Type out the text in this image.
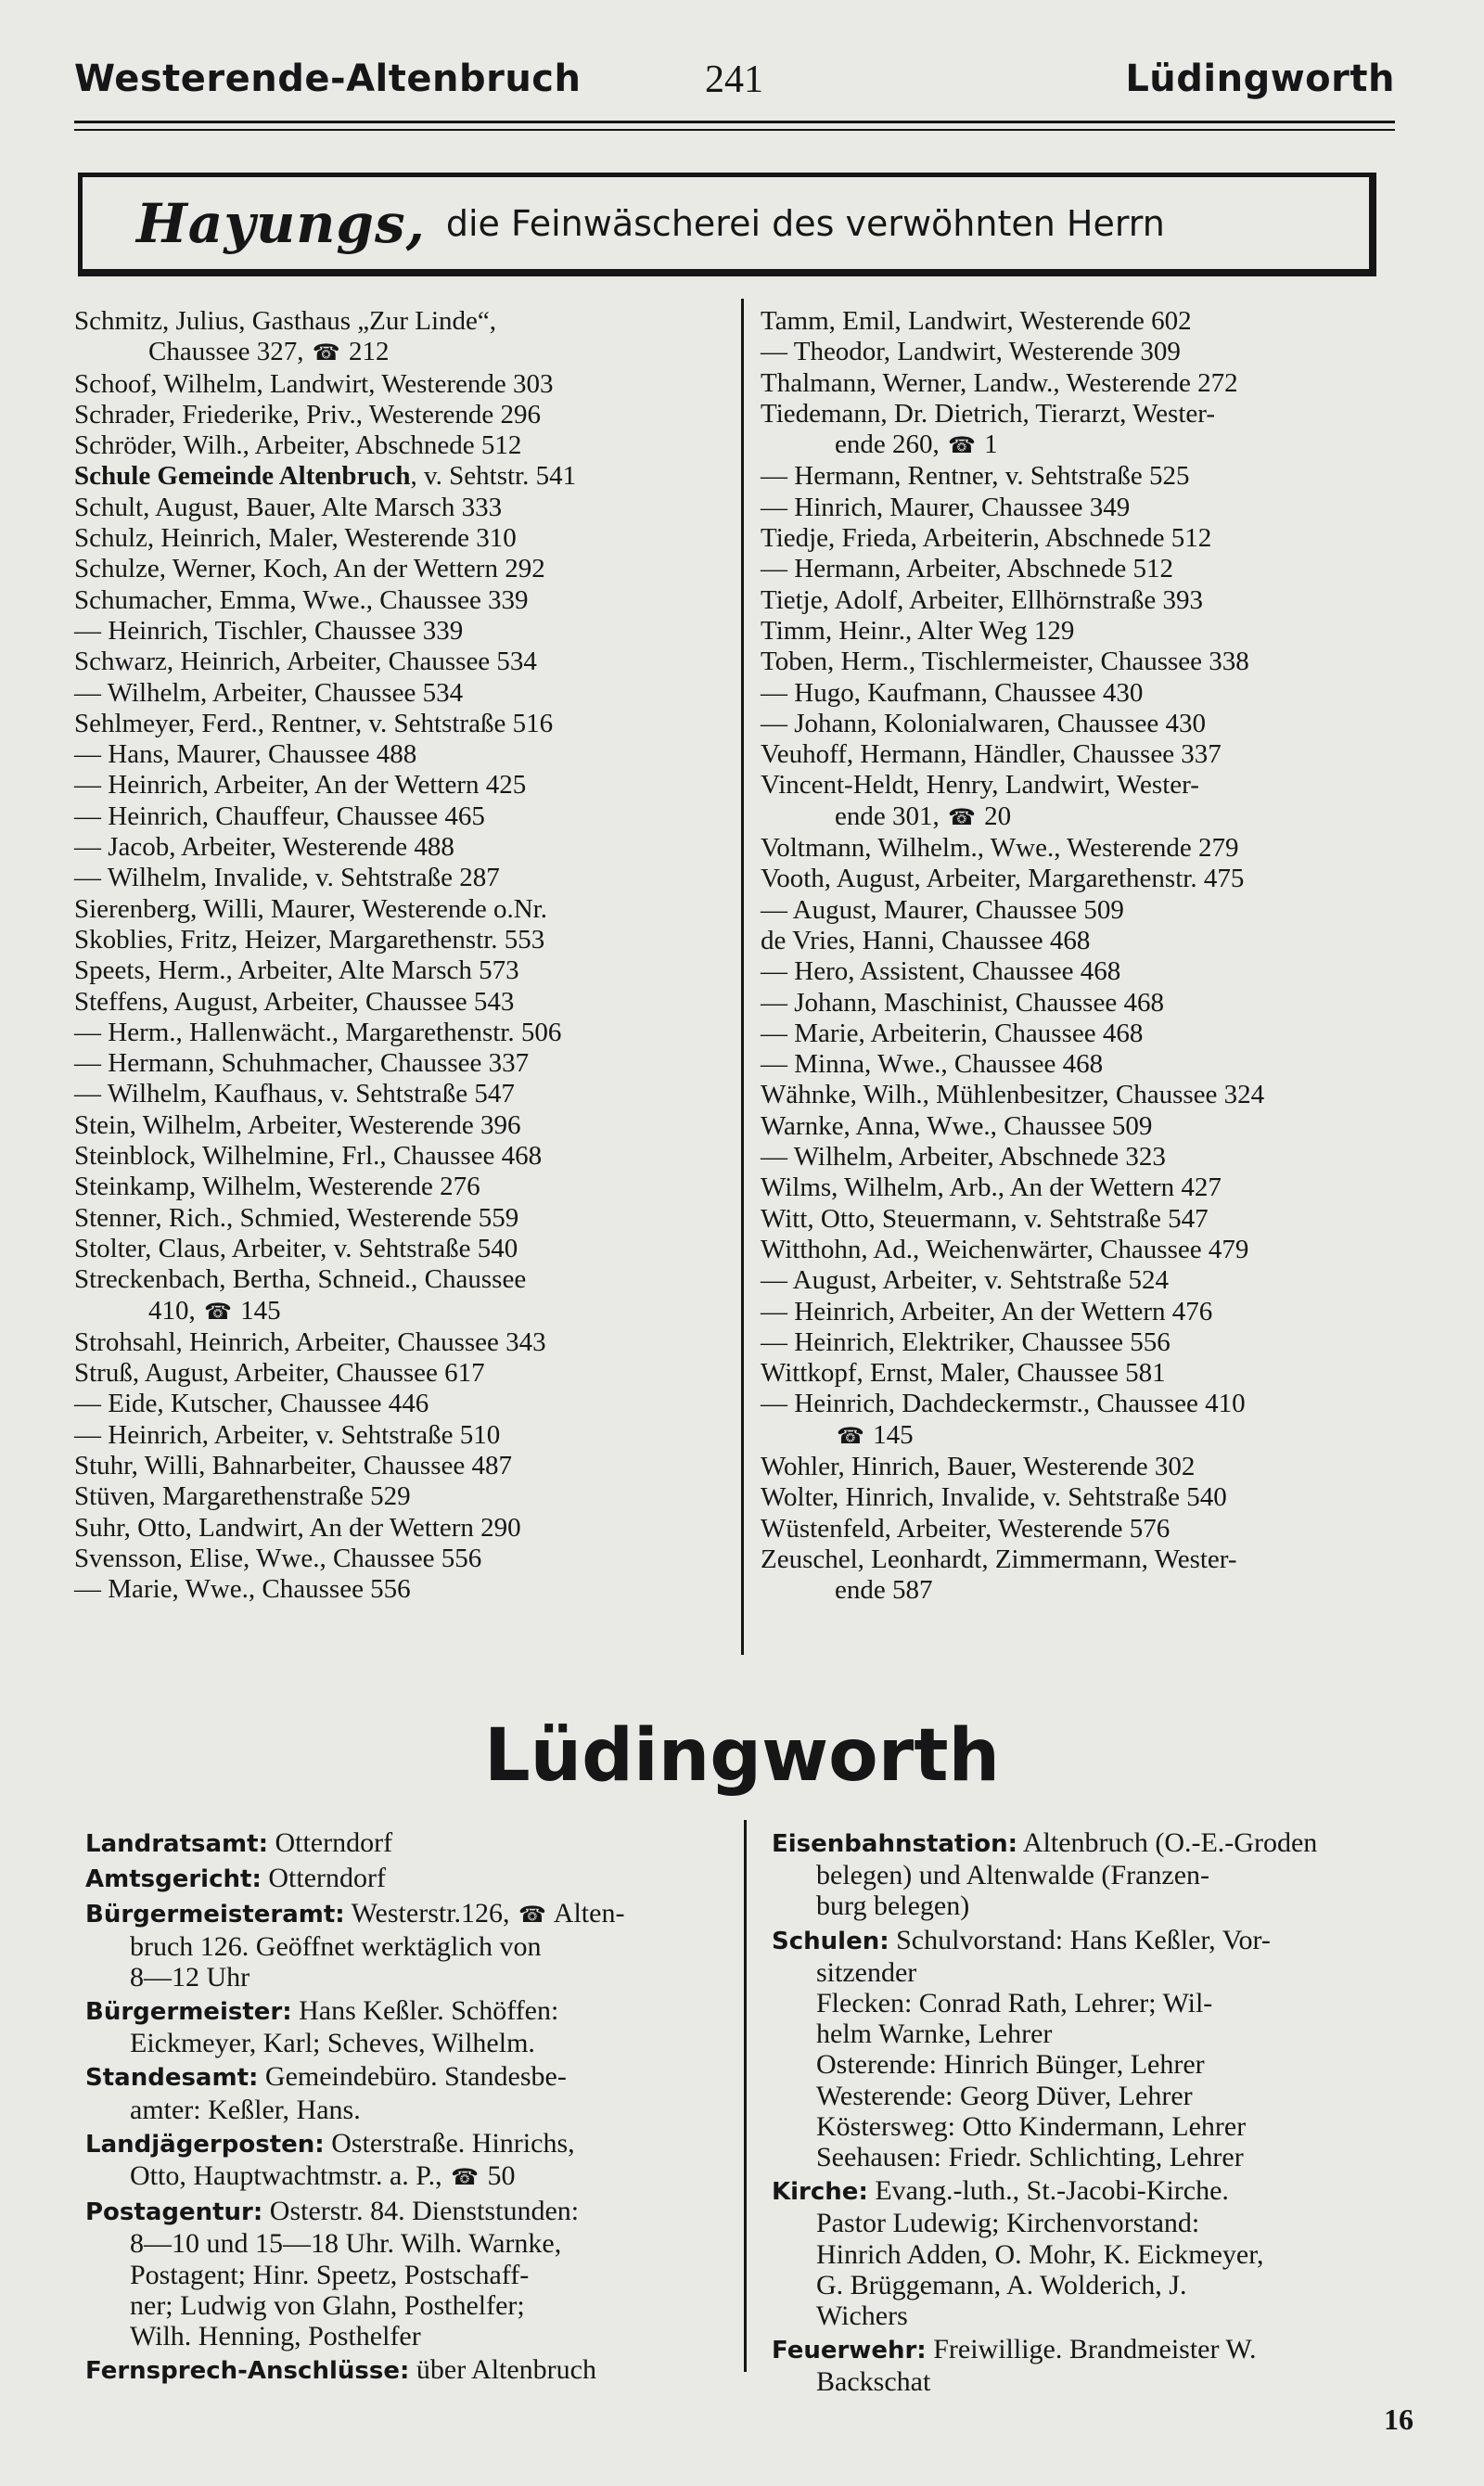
Westerende-Altenbruch	241	Lüdingworth
Hayungs, die Feinwäscherei des verwöhnten Herrn
Schmitz, Julius, Gasthaus „Zur Linde“,
Chaussee 327, ☎ 212
Schoof, Wilhelm, Landwirt, Westerende 303
Schrader, Friederike, Priv., Westerende 296
Schröder, Wilh., Arbeiter, Abschnede 512
Schule Gemeinde Altenbruch, v. Sehtstr. 541
Schult, August, Bauer, Alte Marsch 333
Schulz, Heinrich, Maler, Westerende 310
Schulze, Werner, Koch, An der Wettern 292
Schumacher, Emma, Wwe., Chaussee 339
— Heinrich, Tischler, Chaussee 339
Schwarz, Heinrich, Arbeiter, Chaussee 534
— Wilhelm, Arbeiter, Chaussee 534
Sehlmeyer, Ferd., Rentner, v. Sehtstraße 516
— Hans, Maurer, Chaussee 488
— Heinrich, Arbeiter, An der Wettern 425
— Heinrich, Chauffeur, Chaussee 465
— Jacob, Arbeiter, Westerende 488
— Wilhelm, Invalide, v. Sehtstraße 287
Sierenberg, Willi, Maurer, Westerende o.Nr.
Skoblies, Fritz, Heizer, Margarethenstr. 553
Speets, Herm., Arbeiter, Alte Marsch 573
Steffens, August, Arbeiter, Chaussee 543
— Herm., Hallenwächt., Margarethenstr. 506
— Hermann, Schuhmacher, Chaussee 337
— Wilhelm, Kaufhaus, v. Sehtstraße 547
Stein, Wilhelm, Arbeiter, Westerende 396
Steinblock, Wilhelmine, Frl., Chaussee 468
Steinkamp, Wilhelm, Westerende 276
Stenner, Rich., Schmied, Westerende 559
Stolter, Claus, Arbeiter, v. Sehtstraße 540
Streckenbach, Bertha, Schneid., Chaussee
410, ☎ 145
Strohsahl, Heinrich, Arbeiter, Chaussee 343
Struß, August, Arbeiter, Chaussee 617
— Eide, Kutscher, Chaussee 446
— Heinrich, Arbeiter, v. Sehtstraße 510
Stuhr, Willi, Bahnarbeiter, Chaussee 487
Stüven, Margarethenstraße 529
Suhr, Otto, Landwirt, An der Wettern 290
Svensson, Elise, Wwe., Chaussee 556
— Marie, Wwe., Chaussee 556
Tamm, Emil, Landwirt, Westerende 602
— Theodor, Landwirt, Westerende 309
Thalmann, Werner, Landw., Westerende 272
Tiedemann, Dr. Dietrich, Tierarzt, Wester-
ende 260, ☎ 1
— Hermann, Rentner, v. Sehtstraße 525
— Hinrich, Maurer, Chaussee 349
Tiedje, Frieda, Arbeiterin, Abschnede 512
— Hermann, Arbeiter, Abschnede 512
Tietje, Adolf, Arbeiter, Ellhörnstraße 393
Timm, Heinr., Alter Weg 129
Toben, Herm., Tischlermeister, Chaussee 338
— Hugo, Kaufmann, Chaussee 430
— Johann, Kolonialwaren, Chaussee 430
Veuhoff, Hermann, Händler, Chaussee 337
Vincent-Heldt, Henry, Landwirt, Wester-
ende 301, ☎ 20
Voltmann, Wilhelm., Wwe., Westerende 279
Vooth, August, Arbeiter, Margarethenstr. 475
— August, Maurer, Chaussee 509
de Vries, Hanni, Chaussee 468
— Hero, Assistent, Chaussee 468
— Johann, Maschinist, Chaussee 468
— Marie, Arbeiterin, Chaussee 468
— Minna, Wwe., Chaussee 468
Wähnke, Wilh., Mühlenbesitzer, Chaussee 324
Warnke, Anna, Wwe., Chaussee 509
— Wilhelm, Arbeiter, Abschnede 323
Wilms, Wilhelm, Arb., An der Wettern 427
Witt, Otto, Steuermann, v. Sehtstraße 547
Witthohn, Ad., Weichenwärter, Chaussee 479
— August, Arbeiter, v. Sehtstraße 524
— Heinrich, Arbeiter, An der Wettern 476
— Heinrich, Elektriker, Chaussee 556
Wittkopf, Ernst, Maler, Chaussee 581
— Heinrich, Dachdeckermstr., Chaussee 410
☎ 145
Wohler, Hinrich, Bauer, Westerende 302
Wolter, Hinrich, Invalide, v. Sehtstraße 540
Wüstenfeld, Arbeiter, Westerende 576
Zeuschel, Leonhardt, Zimmermann, Wester-
ende 587
Lüdingworth

Landratsamt: Otterndorf

Amtsgericht: Otterndorf

Bürgermeisteramt: Westerstr.126, ☎ Alten-
bruch 126. Geöffnet werktäglich von
8—12 Uhr

Bürgermeister: Hans Keßler. Schöffen:
Eickmeyer, Karl; Scheves, Wilhelm.

Standesamt: Gemeindebüro. Standesbe-
amter: Keßler, Hans.

Landjägerposten: Osterstraße. Hinrichs,
Otto, Hauptwachtmstr. a. P., ☎ 50

Postagentur: Osterstr. 84. Dienststunden:
8—10 und 15—18 Uhr. Wilh. Warnke,
Postagent; Hinr. Speetz, Postschaff-
ner; Ludwig von Glahn, Posthelfer;
Wilh. Henning, Posthelfer

Fernsprech-Anschlüsse: über Altenbruch

Eisenbahnstation: Altenbruch (O.-E.-Groden
belegen) und Altenwalde (Franzen-
burg belegen)

Schulen: Schulvorstand: Hans Keßler, Vor-
sitzender
Flecken: Conrad Rath, Lehrer; Wil-
helm Warnke, Lehrer
Osterende: Hinrich Bünger, Lehrer
Westerende: Georg Düver, Lehrer
Köstersweg: Otto Kindermann, Lehrer
Seehausen: Friedr. Schlichting, Lehrer

Kirche: Evang.-luth., St.-Jacobi-Kirche.
Pastor Ludewig; Kirchenvorstand:
Hinrich Adden, O. Mohr, K. Eickmeyer,
G. Brüggemann, A. Wolderich, J.
Wichers

Feuerwehr: Freiwillige. Brandmeister W.
Backschat

16
